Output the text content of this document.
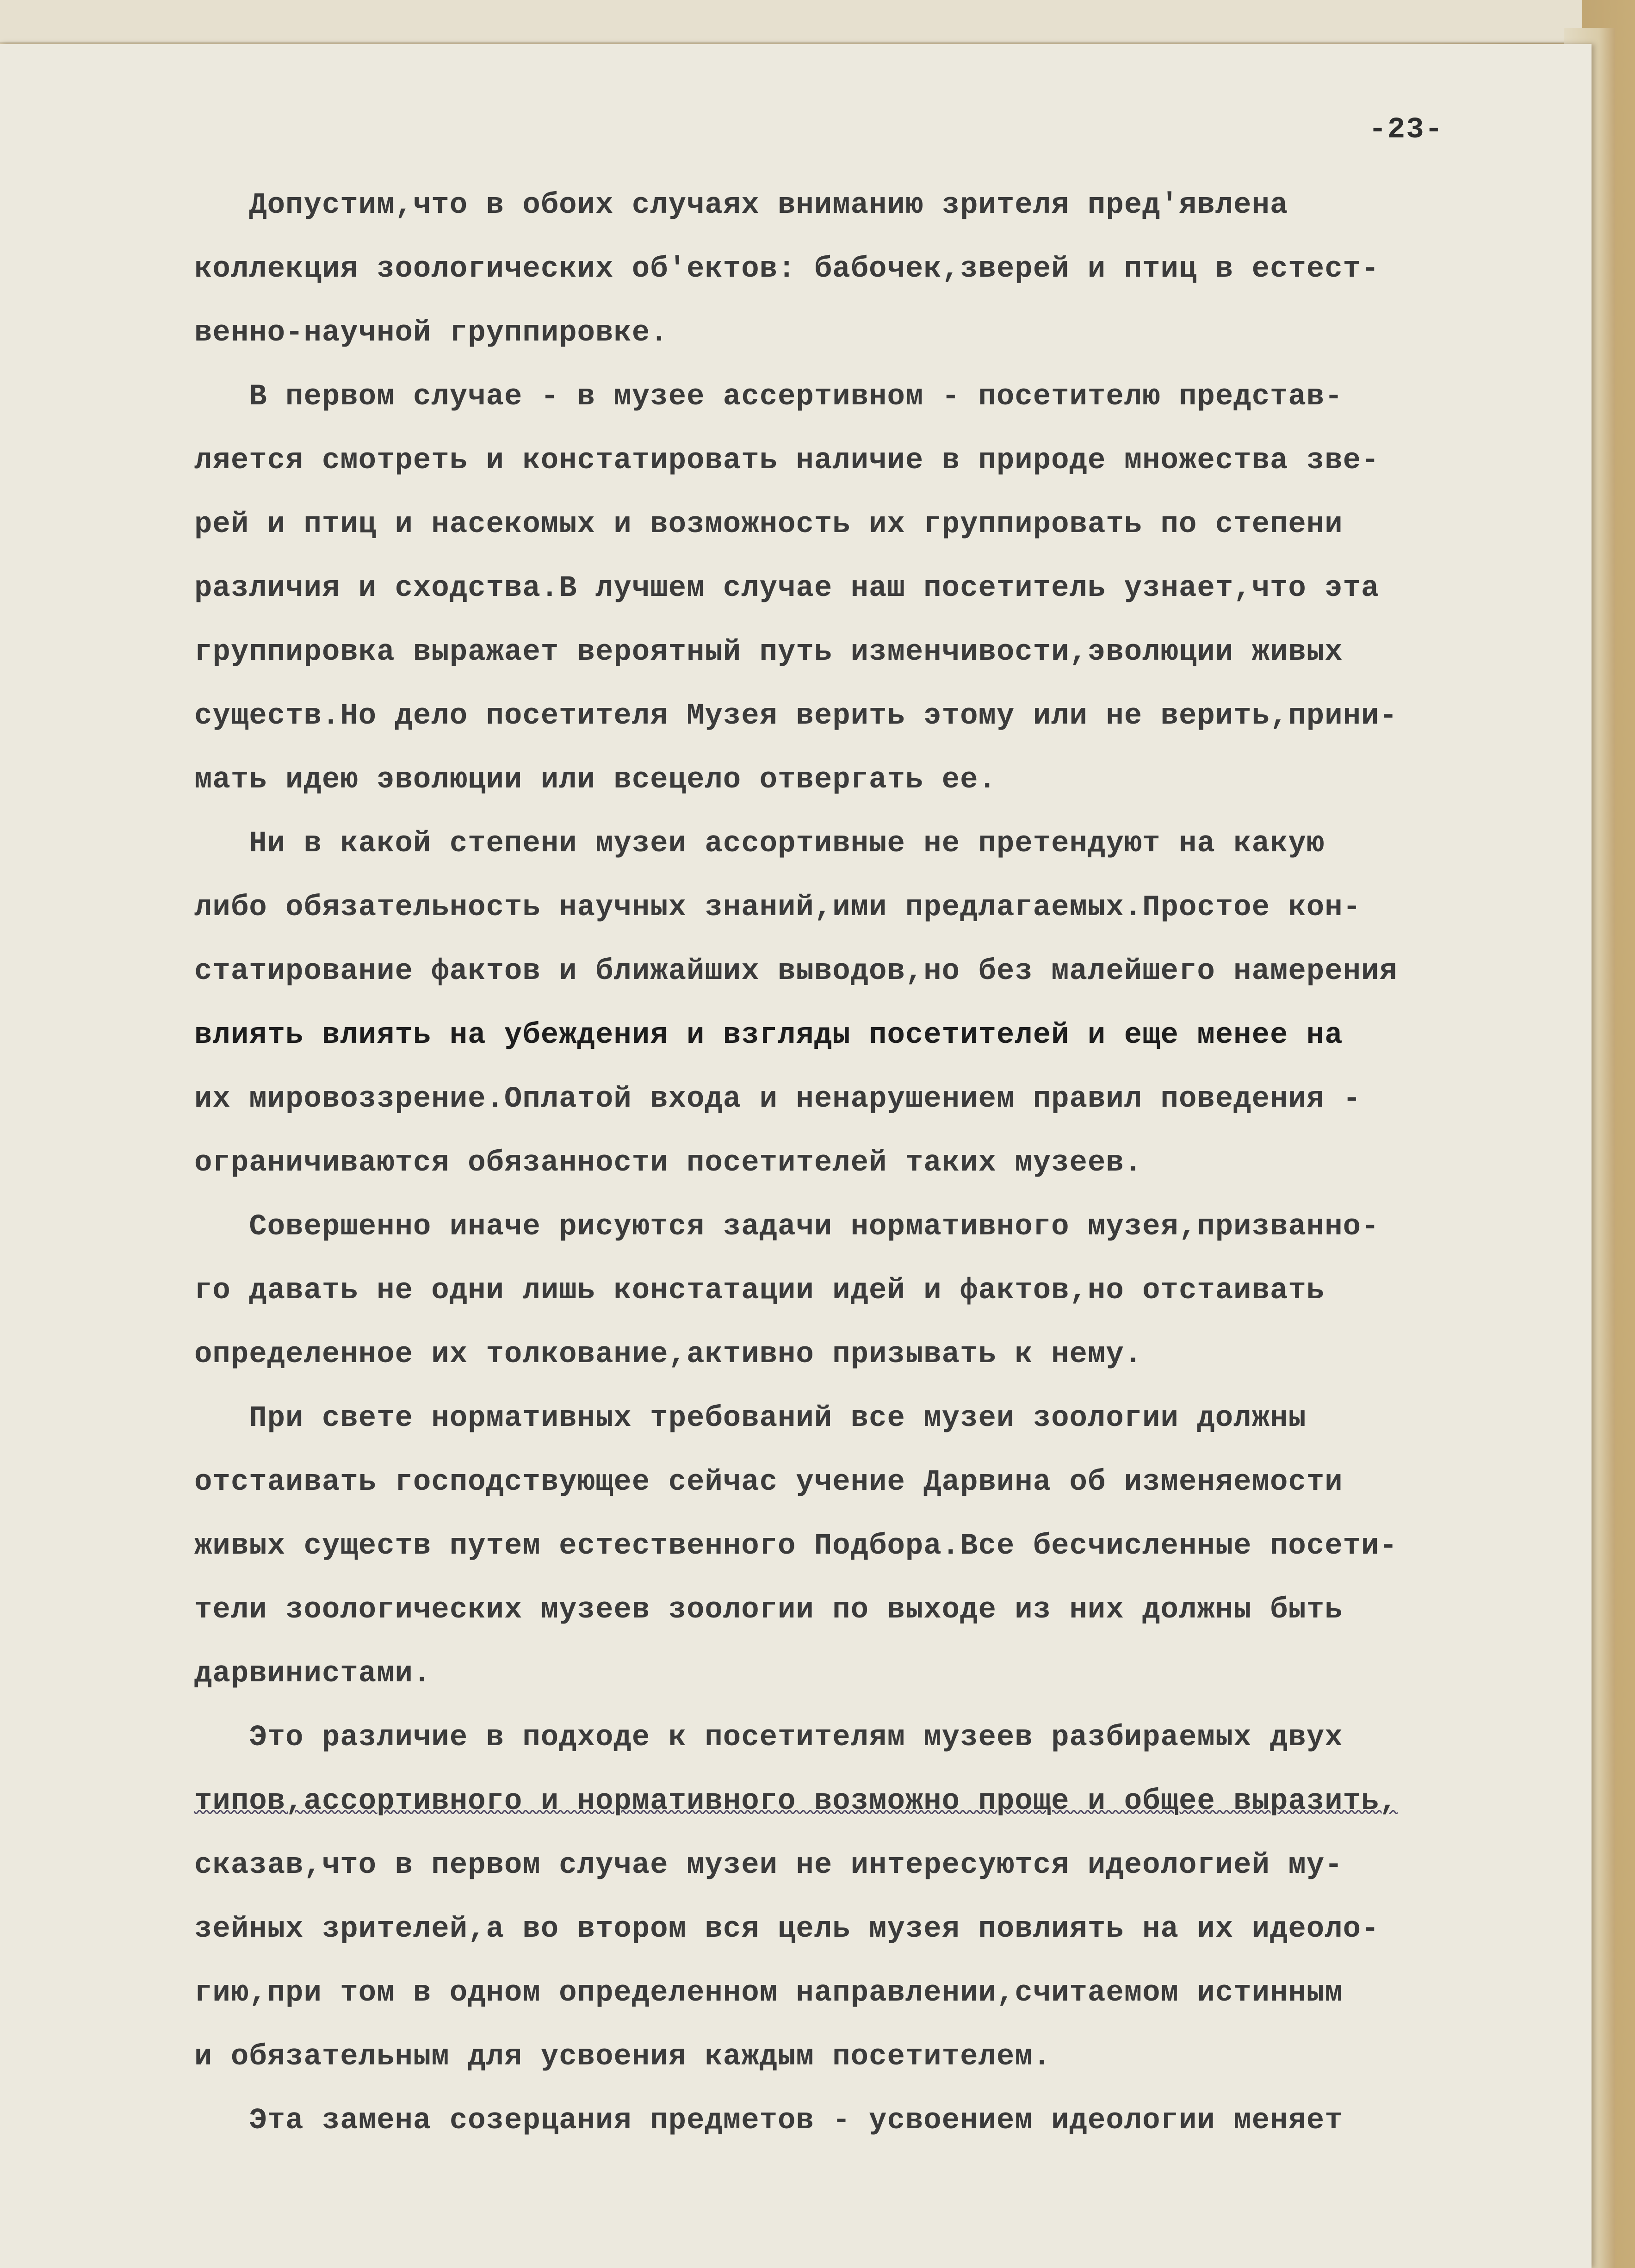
-23-
Допустим,что в обоих случаях вниманию зрителя пред'явлена
коллекция зоологических об'ектов: бабочек,зверей и птиц в естест-
венно-научной группировке.
В первом случае - в музее ассертивном - посетителю представ-
ляется смотреть и констатировать наличие в природе множества зве-
рей и птиц и насекомых и возможность их группировать по степени
различия и сходства.В лучшем случае наш посетитель узнает,что эта
группировка выражает вероятный путь изменчивости,эволюции живых
существ.Но дело посетителя Музея верить этому или не верить,прини-
мать идею эволюции или всецело отвергать ее.
Ни в какой степени музеи ассортивные не претендуют на какую
либо обязательность научных знаний,ими предлагаемых.Простое кон-
статирование фактов и ближайших выводов,но без малейшего намерения
влиять влиять на убеждения и взгляды посетителей и еще менее на
их мировоззрение.Оплатой входа и ненарушением правил поведения -
ограничиваются обязанности посетителей таких музеев.
Совершенно иначе рисуются задачи нормативного музея,призванно-
го давать не одни лишь констатации идей и фактов,но отстаивать
определенное их толкование,активно призывать к нему.
При свете нормативных требований все музеи зоологии должны
отстаивать господствующее сейчас учение Дарвина об изменяемости
живых существ путем естественного Подбора.Все бесчисленные посети-
тели зоологических музеев зоологии по выходе из них должны быть
дарвинистами.
Это различие в подходе к посетителям музеев разбираемых двух
типов,ассортивного и нормативного возможно проще и общее выразить,
сказав,что в первом случае музеи не интересуются идеологией му-
зейных зрителей,а во втором вся цель музея повлиять на их идеоло-
гию,при том в одном определенном направлении,считаемом истинным
и обязательным для усвоения каждым посетителем.
Эта замена созерцания предметов - усвоением идеологии меняет
